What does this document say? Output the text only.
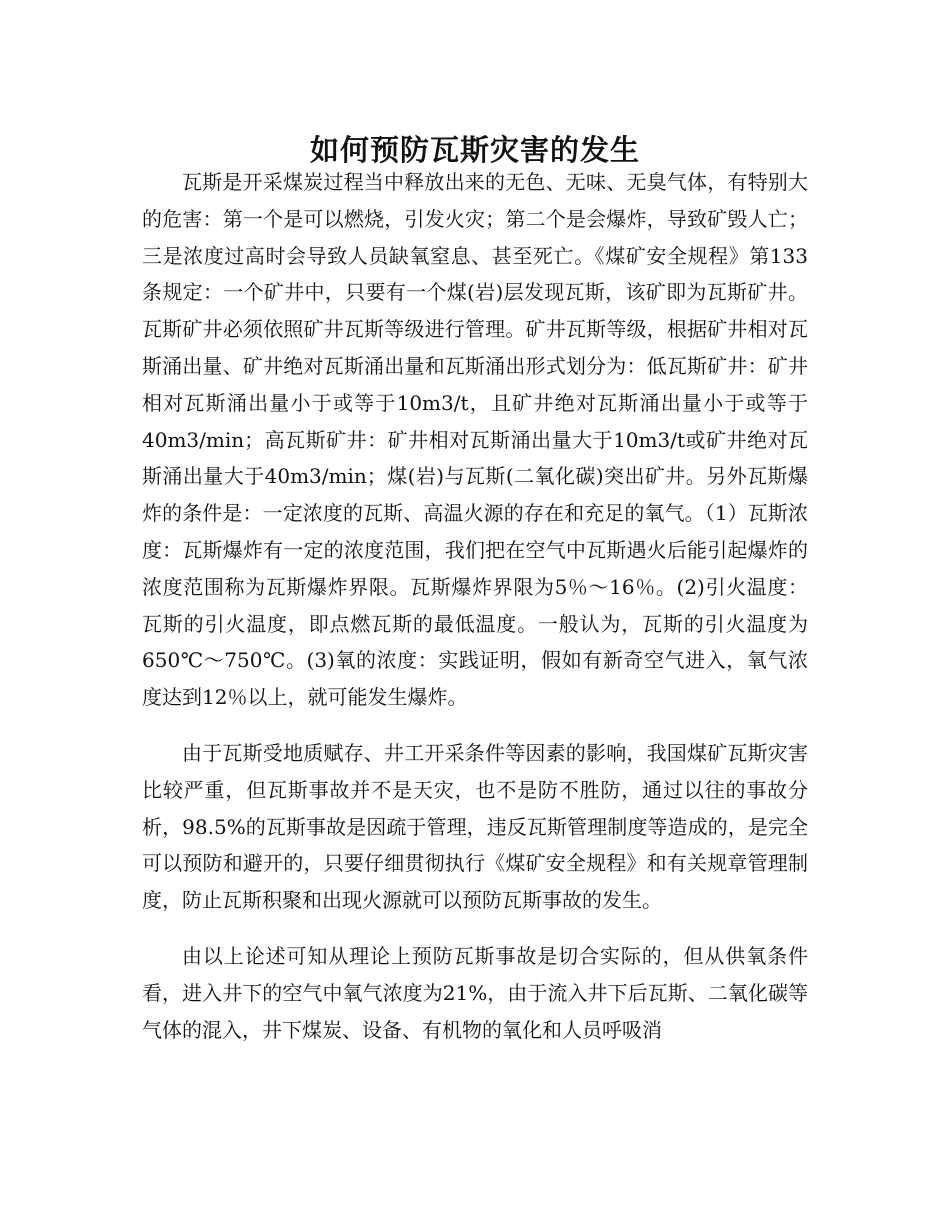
如何预防瓦斯灾害的发生

瓦斯是开采煤炭过程当中释放出来的无色、无味、无臭气体，有特别大的危害：第一个是可以燃烧，引发火灾；第二个是会爆炸，导致矿毁人亡；三是浓度过高时会导致人员缺氧窒息、甚至死亡。《煤矿安全规程》第133条规定：一个矿井中，只要有一个煤(岩)层发现瓦斯，该矿即为瓦斯矿井。瓦斯矿井必须依照矿井瓦斯等级进行管理。矿井瓦斯等级，根据矿井相对瓦斯涌出量、矿井绝对瓦斯涌出量和瓦斯涌出形式划分为：低瓦斯矿井：矿井相对瓦斯涌出量小于或等于10m3/t，且矿井绝对瓦斯涌出量小于或等于40m3/min；高瓦斯矿井：矿井相对瓦斯涌出量大于10m3/t或矿井绝对瓦斯涌出量大于40m3/min；煤(岩)与瓦斯(二氧化碳)突出矿井。另外瓦斯爆炸的条件是：一定浓度的瓦斯、高温火源的存在和充足的氧气。（1）瓦斯浓度：瓦斯爆炸有一定的浓度范围，我们把在空气中瓦斯遇火后能引起爆炸的浓度范围称为瓦斯爆炸界限。瓦斯爆炸界限为5％～16％。(2)引火温度：瓦斯的引火温度，即点燃瓦斯的最低温度。一般认为，瓦斯的引火温度为650℃～750℃。(3)氧的浓度：实践证明，假如有新奇空气进入，氧气浓度达到12％以上，就可能发生爆炸。

由于瓦斯受地质赋存、井工开采条件等因素的影响，我国煤矿瓦斯灾害比较严重，但瓦斯事故并不是天灾，也不是防不胜防，通过以往的事故分析，98.5%的瓦斯事故是因疏于管理，违反瓦斯管理制度等造成的，是完全可以预防和避开的，只要仔细贯彻执行《煤矿安全规程》和有关规章管理制度，防止瓦斯积聚和出现火源就可以预防瓦斯事故的发生。

由以上论述可知从理论上预防瓦斯事故是切合实际的，但从供氧条件看，进入井下的空气中氧气浓度为21%，由于流入井下后瓦斯、二氧化碳等气体的混入，井下煤炭、设备、有机物的氧化和人员呼吸消
